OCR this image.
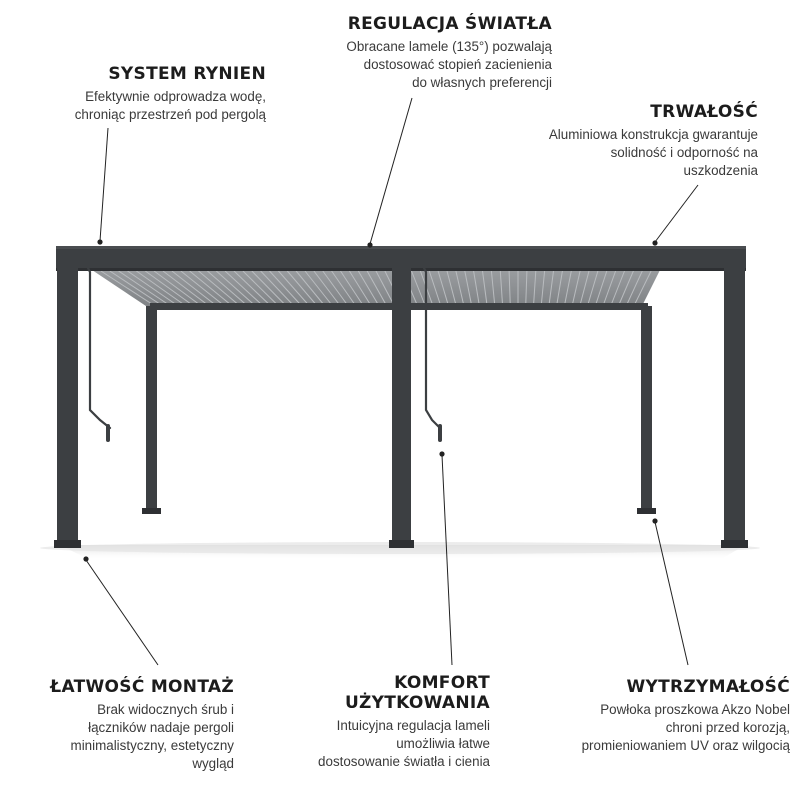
REGULACJA ŚWIATŁA

Obracane lamele (135°) pozwalają

dostosować stopień zacienienia

do własnych preferencji

SYSTEM RYNIEN

Efektywnie odprowadza wodę,

chroniąc przestrzeń pod pergolą	TRWAŁOŚĆ

Aluminiowa konstrukcja gwarantuje

solidność i odporność na

uszkodzenia

ŁATWOŚĆ MONTAŻ

Brak widocznych śrub i

łączników nadaje pergoli

minimalistyczny, estetyczny

wygląd

KOMFORT
UŻYTKOWANIA

Intuicyjna regulacja lameli

umożliwia łatwe

dostosowanie światła i cienia

WYTRZYMAŁOŚĆ

Powłoka proszkowa Akzo Nobel

chroni przed korozją,

promieniowaniem UV oraz wilgocią
